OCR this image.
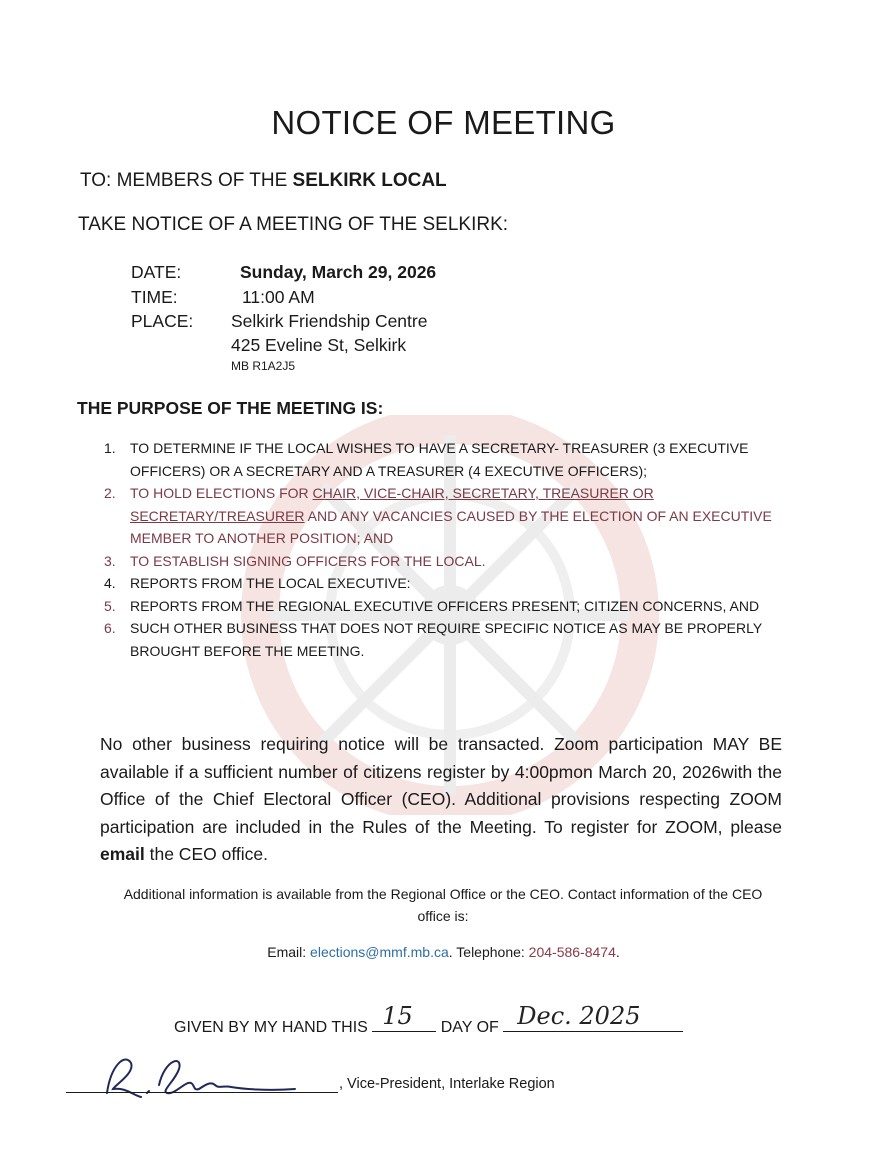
NOTICE OF MEETING
TO: MEMBERS OF THE SELKIRK LOCAL
TAKE NOTICE OF A MEETING OF THE SELKIRK:
DATE:	Sunday, March 29, 2026
TIME:	11:00 AM
PLACE: Selkirk Friendship Centre
425 Eveline St, Selkirk
MB R1A2J5
THE PURPOSE OF THE MEETING IS:
1. TO DETERMINE IF THE LOCAL WISHES TO HAVE A SECRETARY- TREASURER (3 EXECUTIVE OFFICERS) OR A SECRETARY AND A TREASURER (4 EXECUTIVE OFFICERS);
2. TO HOLD ELECTIONS FOR CHAIR, VICE-CHAIR, SECRETARY, TREASURER OR SECRETARY/TREASURER AND ANY VACANCIES CAUSED BY THE ELECTION OF AN EXECUTIVE MEMBER TO ANOTHER POSITION; AND
3. TO ESTABLISH SIGNING OFFICERS FOR THE LOCAL.
4. REPORTS FROM THE LOCAL EXECUTIVE:
5. REPORTS FROM THE REGIONAL EXECUTIVE OFFICERS PRESENT; CITIZEN CONCERNS, AND
6. SUCH OTHER BUSINESS THAT DOES NOT REQUIRE SPECIFIC NOTICE AS MAY BE PROPERLY BROUGHT BEFORE THE MEETING.
No other business requiring notice will be transacted. Zoom participation MAY BE available if a sufficient number of citizens register by 4:00pmon March 20, 2026with the Office of the Chief Electoral Officer (CEO). Additional provisions respecting ZOOM participation are included in the Rules of the Meeting. To register for ZOOM, please email the CEO office.
Additional information is available from the Regional Office or the CEO. Contact information of the CEO office is:
Email: elections@mmf.mb.ca. Telephone: 204-586-8474.
GIVEN BY MY HAND THIS 15 DAY OF Dec. 2025
, Vice-President, Interlake Region
